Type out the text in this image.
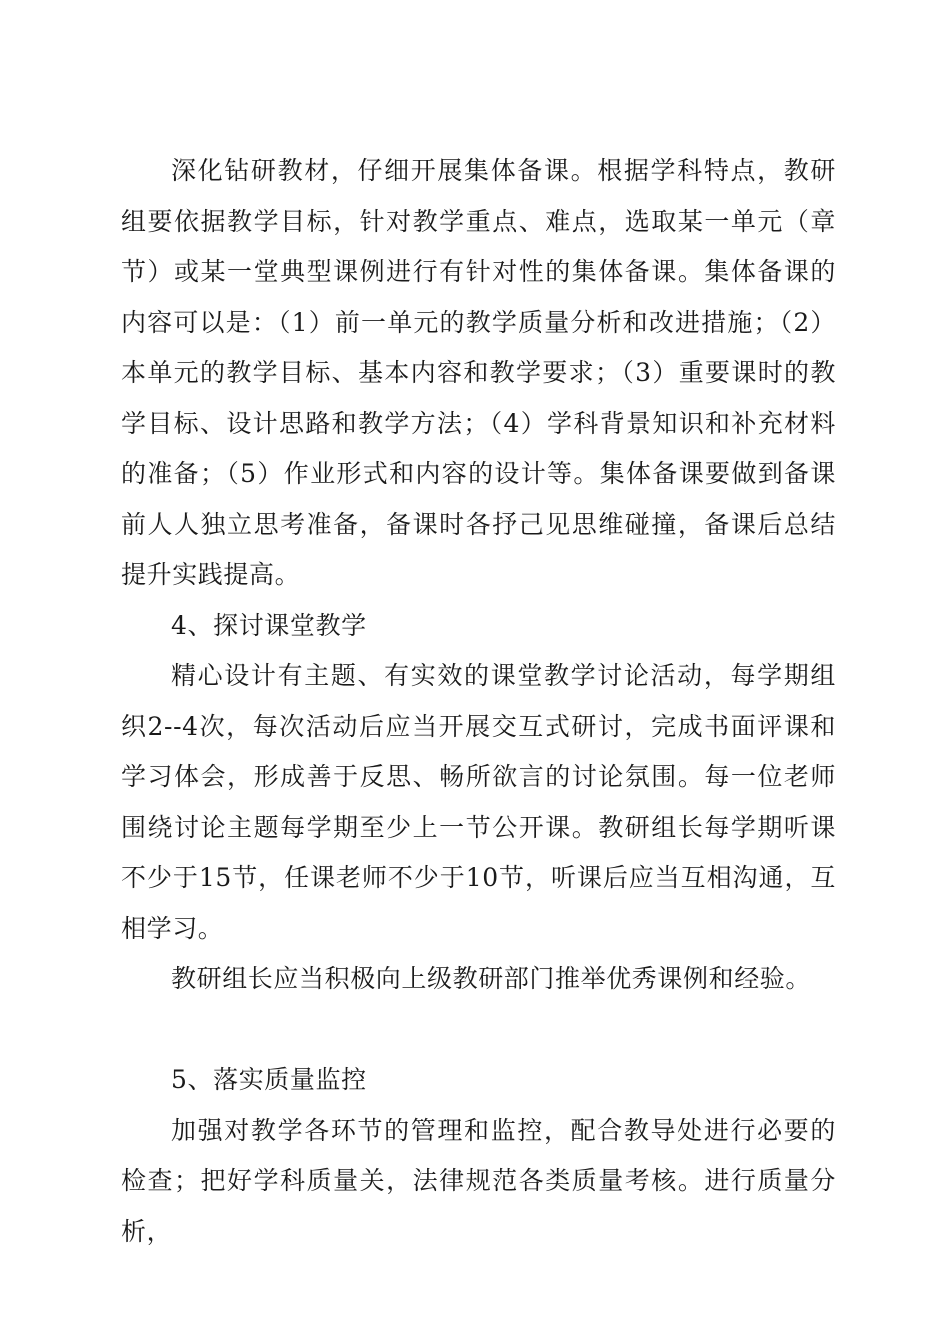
深化钻研教材，仔细开展集体备课。根据学科特点，教研组要依据教学目标，针对教学重点、难点，选取某一单元（章节）或某一堂典型课例进行有针对性的集体备课。集体备课的内容可以是：（1）前一单元的教学质量分析和改进措施；（2）本单元的教学目标、基本内容和教学要求；（3）重要课时的教学目标、设计思路和教学方法；（4）学科背景知识和补充材料的准备；（5）作业形式和内容的设计等。集体备课要做到备课前人人独立思考准备，备课时各抒己见思维碰撞，备课后总结提升实践提高。

4、探讨课堂教学

精心设计有主题、有实效的课堂教学讨论活动，每学期组织2--4次，每次活动后应当开展交互式研讨，完成书面评课和学习体会，形成善于反思、畅所欲言的讨论氛围。每一位老师围绕讨论主题每学期至少上一节公开课。教研组长每学期听课不少于15节，任课老师不少于10节，听课后应当互相沟通，互相学习。

教研组长应当积极向上级教研部门推举优秀课例和经验。

5、落实质量监控

加强对教学各环节的管理和监控，配合教导处进行必要的检查；把好学科质量关，法律规范各类质量考核。进行质量分析，
